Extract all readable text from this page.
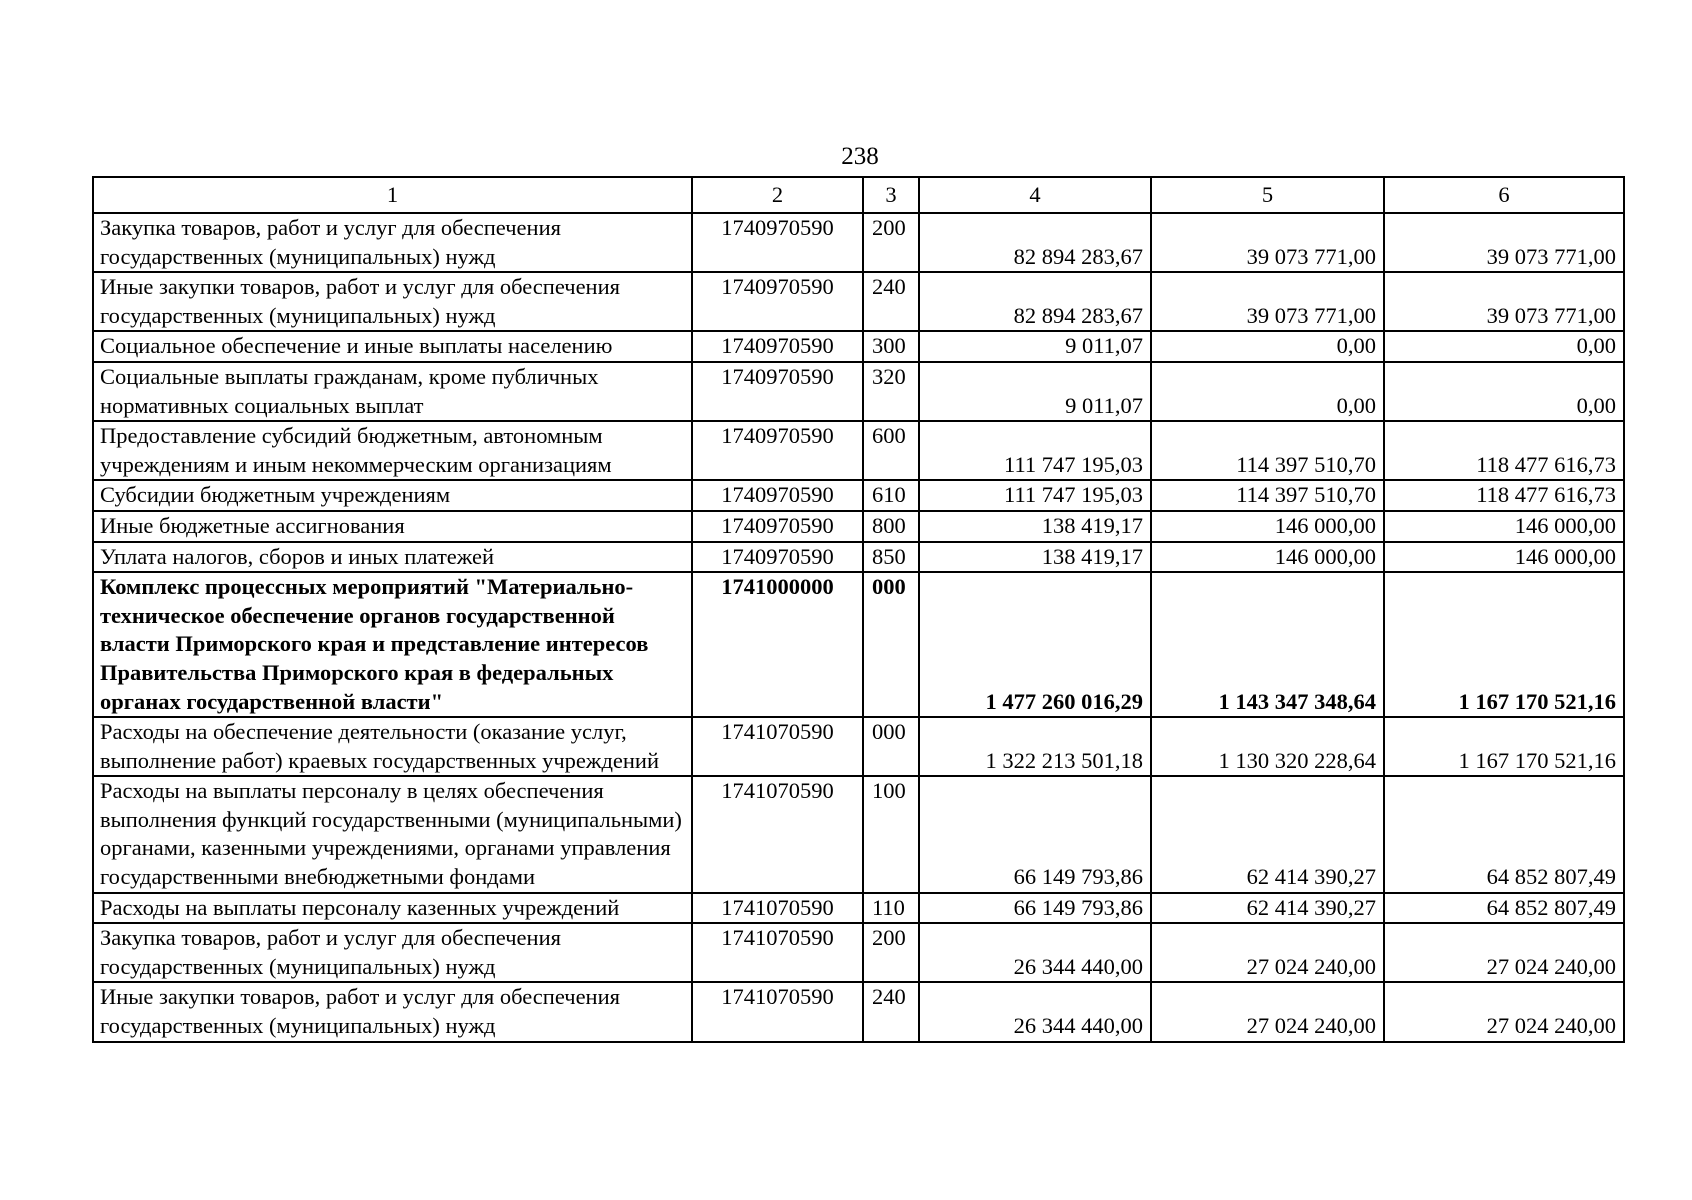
238
1	2	3	4	5	6
Закупка товаров, работ и услуг для обеспечения государственных (муниципальных) нужд	1740970590	200	82 894 283,67	39 073 771,00	39 073 771,00
Иные закупки товаров, работ и услуг для обеспечения государственных (муниципальных) нужд	1740970590	240	82 894 283,67	39 073 771,00	39 073 771,00
Социальное обеспечение и иные выплаты населению	1740970590	300	9 011,07	0,00	0,00
Социальные выплаты гражданам, кроме публичных нормативных социальных выплат	1740970590	320	9 011,07	0,00	0,00
Предоставление субсидий бюджетным, автономным учреждениям и иным некоммерческим организациям	1740970590	600	111 747 195,03	114 397 510,70	118 477 616,73
Субсидии бюджетным учреждениям	1740970590	610	111 747 195,03	114 397 510,70	118 477 616,73
Иные бюджетные ассигнования	1740970590	800	138 419,17	146 000,00	146 000,00
Уплата налогов, сборов и иных платежей	1740970590	850	138 419,17	146 000,00	146 000,00
Комплекс процессных мероприятий "Материально-техническое обеспечение органов государственной власти Приморского края и представление интересов Правительства Приморского края в федеральных органах государственной власти"	1741000000	000	1 477 260 016,29	1 143 347 348,64	1 167 170 521,16
Расходы на обеспечение деятельности (оказание услуг, выполнение работ) краевых государственных учреждений	1741070590	000	1 322 213 501,18	1 130 320 228,64	1 167 170 521,16
Расходы на выплаты персоналу в целях обеспечения выполнения функций государственными (муниципальными) органами, казенными учреждениями, органами управления государственными внебюджетными фондами	1741070590	100	66 149 793,86	62 414 390,27	64 852 807,49
Расходы на выплаты персоналу казенных учреждений	1741070590	110	66 149 793,86	62 414 390,27	64 852 807,49
Закупка товаров, работ и услуг для обеспечения государственных (муниципальных) нужд	1741070590	200	26 344 440,00	27 024 240,00	27 024 240,00
Иные закупки товаров, работ и услуг для обеспечения государственных (муниципальных) нужд	1741070590	240	26 344 440,00	27 024 240,00	27 024 240,00
